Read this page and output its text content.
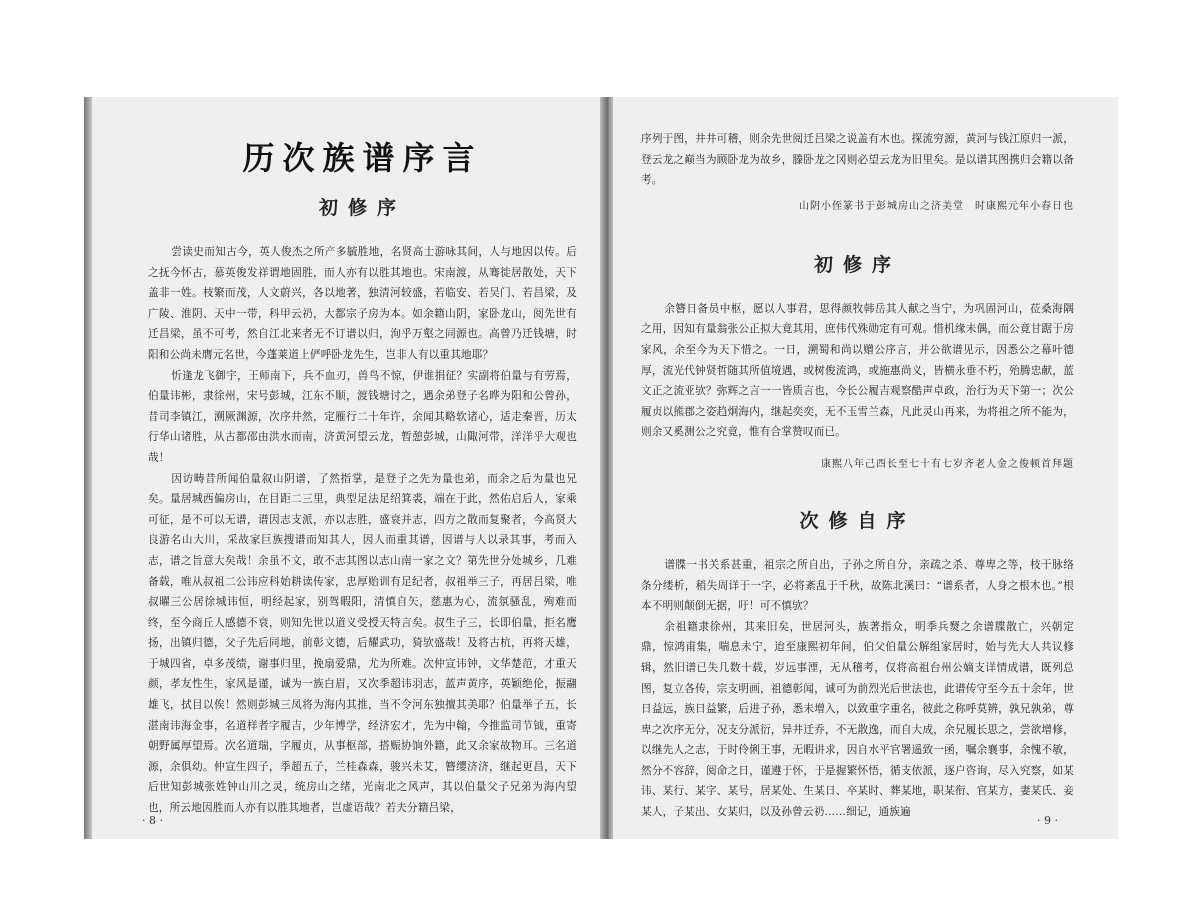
历次族谱序言
初修序

尝读史而知古今，英人俊杰之所产多毓胜地，名贤高士游咏其间，人与地因以传。后之抚今怀古，慕英俊发祥谓地固胜，而人亦有以胜其地也。宋南渡，从骞徙居散处，天下盖非一姓。枝繁而茂，人文蔚兴，各以地著，独清河较盛，若临安、若吴门、若昌梁，及广陵、淮阴、天中一带，科甲云礽，大都宗子房为本。如余籍山阴，家卧龙山，阅先世有迁昌梁，虽不可考，然自江北来者无不订谱以归，洵乎万壑之同源也。高曾乃迁钱塘，时阳和公尚未膺元名世，今蓬莱道上俨呼卧龙先生，岂非人有以重其地耶？

忻逢龙飞御宇，王师南下，兵不血刃，兽鸟不惊，伊谁捐征？实副将伯量与有劳焉，伯量讳彬，隶徐州，宋号彭城，江东不顺，渡钱塘讨之，遇余弟登子名晔为阳和公曾孙，昔司李镇江，溯厥渊源，次序井然，定雁行二十年许，余闻其略软诸心，适走秦晋，历太行华山诸胜，从古都邵由洪水而南，济黄河望云龙，暂憩彭城，山陬河带，洋洋乎大观也哉！

因访畴昔所闻伯量叙山阴谱，了然指掌，是登子之先为量也弟，而余之后为量也兄矣。量居城西偏房山，在目距二三里，典型足法足绍箕裘，端在于此，然佑启后人，家乘可征，是不可以无谱，谱因志支派，亦以志胜，盛衰并志，四方之散而复聚者，今高贤大良游名山大川，采故家巨族搜谱而知其人，因人而重其谱，因谱与人以录其事，考而入志，谱之旨意大矣哉！余虽不文，敢不志其图以志山南一家之文？第先世分处城乡，几难备载，唯从叔祖二公讳应科始耕读传家，忠厚贻训有足纪者，叔祖举三子，再居吕梁，唯叔曜三公居徐城讳恒，明经起家，别驾暇阳，清慎自矢，慈惠为心，流氛骚乱，殉难而终，至今商丘人感德不衰，则知先世以道义受授天特言矣。叔生子三，长即伯量，拒名鹰扬，出镇归德，父子先后同地，前彰文德，后耀武功，猗欤盛哉！及将古杭，再将天雄，于城四省，卓多茂绩，谢事归里，挽扇爱鼎，尤为所难。次仲宣讳钟，文华楚范，才重天颜，孝友性生，家风是谨，诚为一族白眉，又次季超讳羽志，蓝声黄序，英颖绝伦，振翮雄飞，拭目以俟！然则彭城三凤将为海内其推，当不令河东独擅其美耶？伯量举子五，长湛南讳海金事，名道样者字履吉，少年博学，经济宏才，先为中翰，今推监司节钺，重寄朝野属厚望焉。次名道瑞，字履贞，从事枢部，搭赈协饷外籍，此又余家故物耳。三名道源，余俱幼。仲宣生四子，季超五子，兰桂森森，骏兴未艾，簪缨济济，继起更昌，天下后世知彭城张姓钟山川之灵，统房山之绪，光南北之风声，其以伯量父子兄弟为海内望也，所云地因胜而人亦有以胜其地者，岂虚语哉？若夫分籍吕梁，

· 8 ·

序列于图，井井可稽，则余先世阅迁吕梁之说盖有木也。探流穷源，黄河与钱江原归一派，登云龙之巅当为顾卧龙为故乡，滕卧龙之冈则必望云龙为旧里矣。是以谱其图携归会籍以备考。

山阴小侄篆书于彭城房山之济美堂　时康熙元年小春日也

初修序

余簪日备员中枢，愿以人事君，思得颜牧韩岳其人献之当宁，为巩固河山，莅桑海隅之用，因知有量翁张公正拟大竟其用，庶伟代殊勋定有可观。惜机缘未偶，而公竟甘踞于房家风，余至今为天下惜之。一日，溯蜀和尚以赠公序言，并公欲谱见示，因悉公之幕叶德厚，流光代钟贤哲随其所值境遇，或树俊流鸿，或施惠尚义，皆横永垂不朽，殆腾忠献，蓝文正之流亚欤？弥辉之言一一皆质言也，今长公履吉观察酷声卓政，治行为天下第一；次公履贞以熊郡之姿趋炯海内，继起奕奕，无不玉雪兰森，凡此灵山再来，为将祖之所不能为，则余又奚测公之究竟，惟有合掌赞叹而已。

康熙八年己酉长至七十有七岁齐老人金之俊顿首拜题

次修自序

谱牒一书关系甚重，祖宗之所自出，子孙之所自分，亲疏之杀、尊卑之等，枝干脉络条分缕析，稍失周详于一字，必将紊乱于千秋，故陈北溪曰：“谱系者，人身之根木也。”根本不明则颠倒无据，吁！可不慎欤？

余祖籍隶徐州，其来旧矣，世居河头，族著指众，明季兵燹之余谱牒散亡，兴朝定鼎，惊鸿甫集，喘息未宁，迨至康熙初年间，伯父伯量公解组家居时，始与先大人共议修辑，然旧谱已失几数十载，岁远事湮，无从稽考，仅将高祖台州公嫡支详情成谱，既列总图，复立各传，宗支明画，祖德彰闻，诚可为前烈光后世法也，此谱传守至今五十余年，世日益远，族日益繁，后进子孙，悉未增入，以致重字重名，彼此之称呼莫辨，孰兄孰弟，尊卑之次序无分，况支分派衍，异井迁乔，不无散逸，而自大成，余兄履长思之，尝欲增修，以继先人之志，于时伶俐王事，无暇讲求，因自水平官署遥致一函，嘱余襄事，余愧不敏，然分不容辞，阅命之日，谨遵于怀，于是握繁怀悟，循支依派，逐户咨询，尽入究察，如某讳、某行、某字、某号，居某处、生某日、卒某时、葬某地，职某衔、官某方，妻某氏、妾某人，子某出、女某归，以及孙曾云礽……细记，通族遍

· 9 ·
